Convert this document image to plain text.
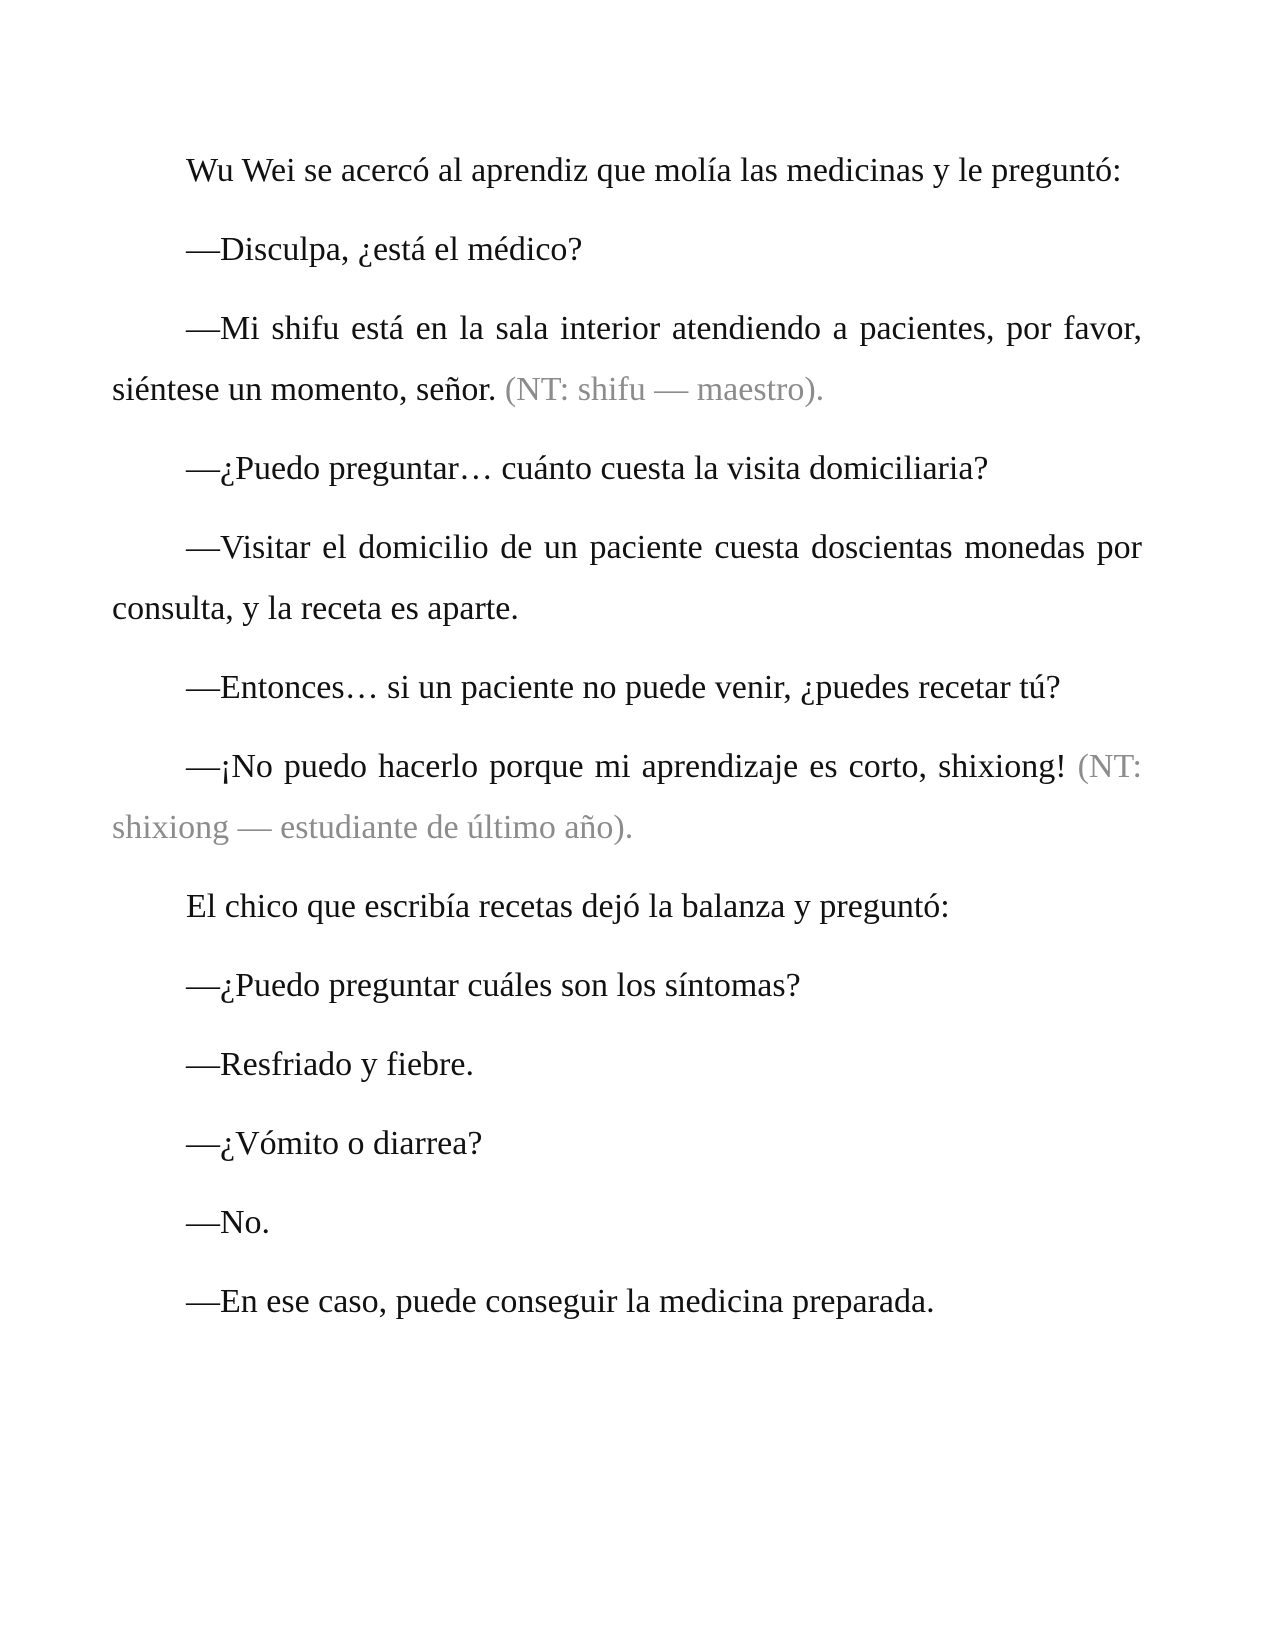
Wu Wei se acercó al aprendiz que molía las medicinas y le preguntó:

—Disculpa, ¿está el médico?

—Mi shifu está en la sala interior atendiendo a pacientes, por favor, siéntese un momento, señor. (NT: shifu — maestro).

—¿Puedo preguntar… cuánto cuesta la visita domiciliaria?

—Visitar el domicilio de un paciente cuesta doscientas monedas por consulta, y la receta es aparte.

—Entonces… si un paciente no puede venir, ¿puedes recetar tú?

—¡No puedo hacerlo porque mi aprendizaje es corto, shixiong! (NT: shixiong — estudiante de último año).

El chico que escribía recetas dejó la balanza y preguntó:

—¿Puedo preguntar cuáles son los síntomas?

—Resfriado y fiebre.

—¿Vómito o diarrea?

—No.

—En ese caso, puede conseguir la medicina preparada.
